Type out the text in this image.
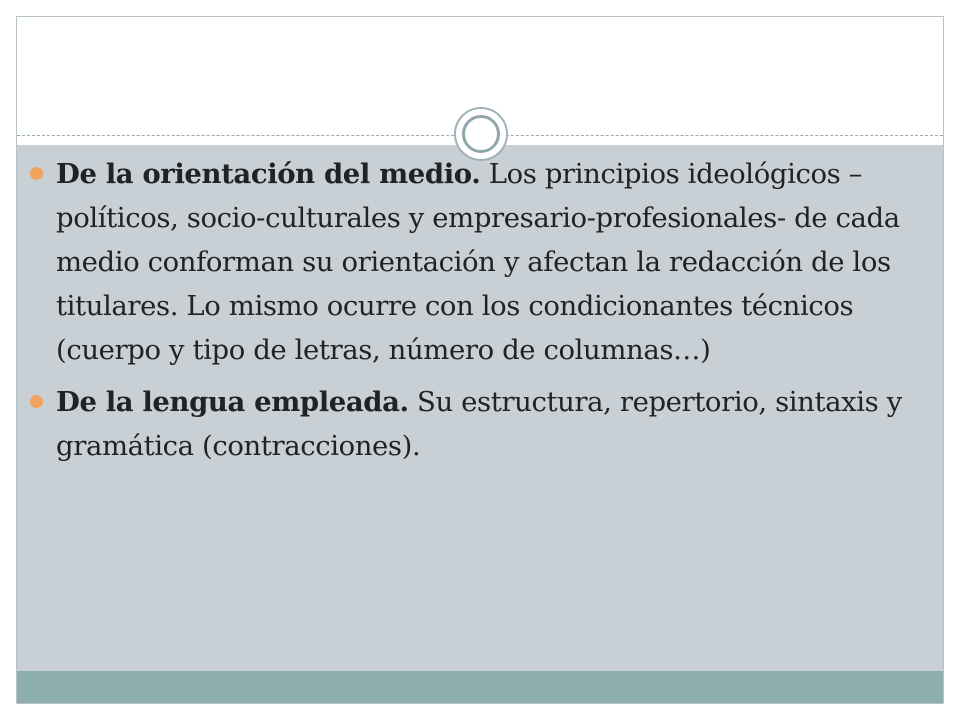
De la orientación del medio. Los principios ideológicos –políticos, socio-culturales y empresario-profesionales- de cada medio conforman su orientación y afectan la redacción de los titulares. Lo mismo ocurre con los condicionantes técnicos (cuerpo y tipo de letras, número de columnas…)

De la lengua empleada. Su estructura, repertorio, sintaxis y gramática (contracciones).
